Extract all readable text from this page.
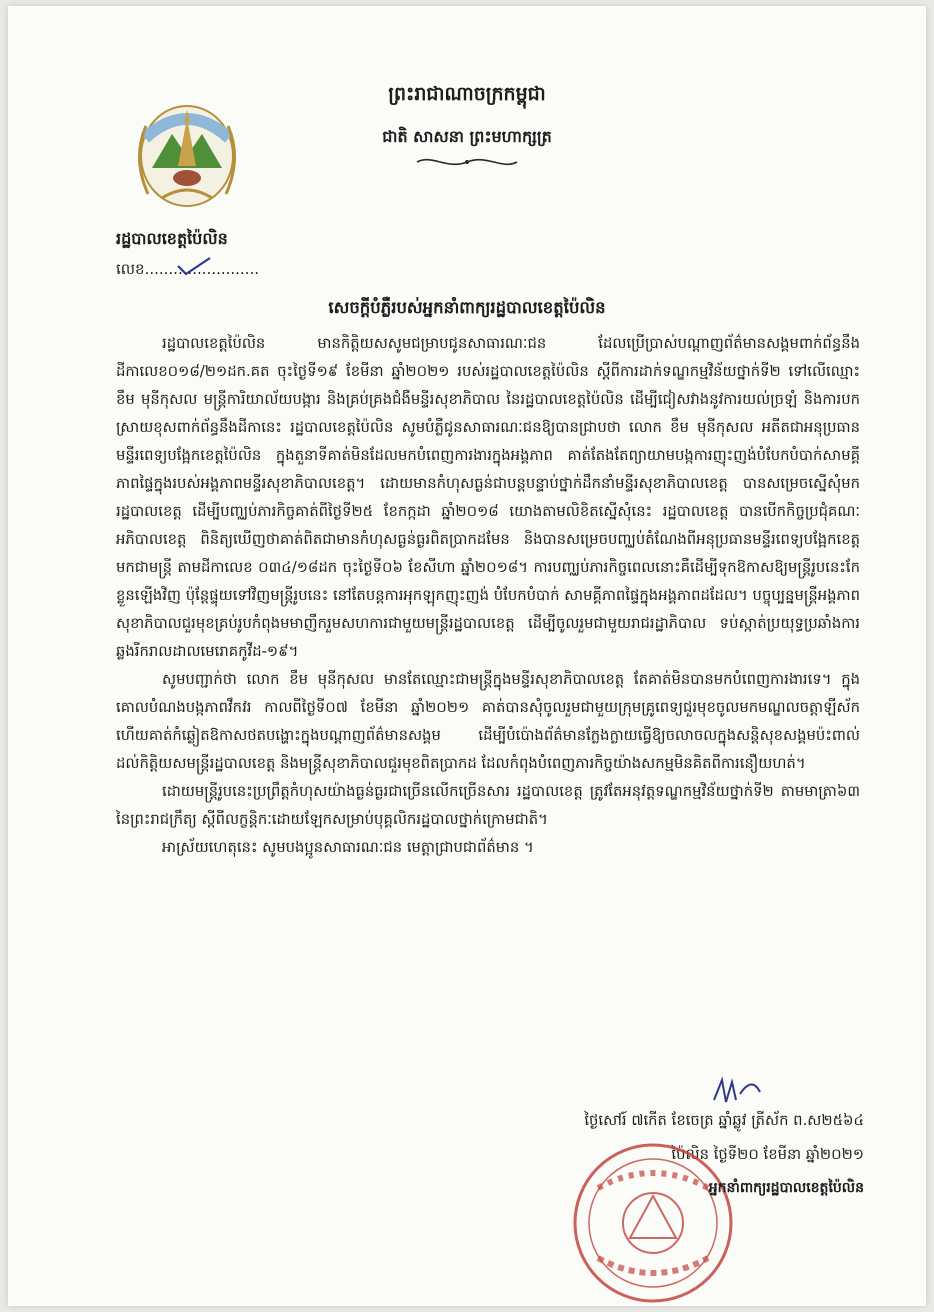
ព្រះរាជាណាចក្រកម្ពុជា
ជាតិ សាសនា ព្រះមហាក្សត្រ
រដ្ឋបាលខេត្តប៉ៃលិន
លេខ........................
សេចក្តីបំភ្លឺរបស់អ្នកនាំពាក្យរដ្ឋបាលខេត្តប៉ៃលិន

រដ្ឋបាលខេត្តប៉ៃលិន មានកិត្តិយសសូមជម្រាបជូនសាធារណៈជន ដែលប្រើប្រាស់បណ្តាញព័ត៌មានសង្គមពាក់ព័ន្ធនឹងដីកាលេខ០១៨/២១ដក.គត ចុះថ្ងៃទី១៩ ខែមីនា ឆ្នាំ២០២១ របស់រដ្ឋបាលខេត្តប៉ៃលិន ស្តីពីការដាក់ទណ្ឌកម្មវិន័យថ្នាក់ទី២ ទៅលើឈ្មោះ ខឹម មុនីកុសល មន្ត្រីការិយាល័យបង្ការ និងគ្រប់គ្រងជំងឺមន្ទីរសុខាភិបាល នៃរដ្ឋបាលខេត្តប៉ៃលិន ដើម្បីជៀសវាងនូវការយល់ច្រឡំ និងការបកស្រាយខុសពាក់ព័ន្ធនឹងដីកានេះ រដ្ឋបាលខេត្តប៉ៃលិន សូមបំភ្លឺជូនសាធារណៈជនឱ្យបានជ្រាបថា លោក ខឹម មុនីកុសល អតីតជាអនុប្រធានមន្ទីរពេទ្យបង្អែកខេត្តប៉ៃលិន ក្នុងតួនាទីគាត់មិនដែលមកបំពេញការងារក្នុងអង្គភាព គាត់តែងតែព្យាយាមបង្កការញុះញង់បំបែកបំបាក់សាមគ្គីភាពផ្ទៃក្នុងរបស់អង្គភាពមន្ទីរសុខាភិបាលខេត្ត។ ដោយមានកំហុសធ្ងន់ជាបន្តបន្ទាប់ថ្នាក់ដឹកនាំមន្ទីរសុខាភិបាលខេត្ត បានសម្រេចស្នើសុំមករដ្ឋបាលខេត្ត ដើម្បីបញ្ឈប់ភារកិច្ចគាត់ពីថ្ងៃទី២៥ ខែកក្កដា ឆ្នាំ២០១៨ យោងតាមលិខិតស្នើសុំនេះ រដ្ឋបាលខេត្ត បានបើកកិច្ចប្រជុំគណៈអភិបាលខេត្ត ពិនិត្យឃើញថាគាត់ពិតជាមានកំហុសធ្ងន់ធ្ងរពិតប្រាកដមែន និងបានសម្រេចបញ្ឈប់តំណែងពីអនុប្រធានមន្ទីរពេទ្យបង្អែកខេត្ត មកជាមន្ត្រី តាមដីកាលេខ ០៣៤/១៨ដក ចុះថ្ងៃទី០៦ ខែសីហា ឆ្នាំ២០១៨។ ការបញ្ឈប់ភារកិច្ចពេលនោះគឺដើម្បីទុកឱកាសឱ្យមន្ត្រីរូបនេះកែខ្លួនឡើងវិញ ប៉ុន្តែផ្ទុយទៅវិញមន្ត្រីរូបនេះ នៅតែបន្តការអុកឡុកញុះញង់ បំបែកបំបាក់ សាមគ្គីភាពផ្ទៃក្នុងអង្គភាពដដែល។ បច្ចុប្បន្នមន្ត្រីអង្គភាពសុខាភិបាលជួរមុខគ្រប់រូបកំពុងមមាញឹករួមសហការជាមួយមន្ត្រីរដ្ឋបាលខេត្ត ដើម្បីចូលរួមជាមួយរាជរដ្ឋាភិបាល ទប់ស្កាត់ប្រយុទ្ធប្រឆាំងការឆ្លងរីករាលដាលមេរោគកូវីដ-១៩។

សូមបញ្ជាក់ថា លោក ខឹម មុនីកុសល មានតែឈ្មោះជាមន្ត្រីក្នុងមន្ទីរសុខាភិបាលខេត្ត តែគាត់មិនបានមកបំពេញការងារទេ។ ក្នុងគោលបំណងបង្កភាពវឹកវរ កាលពីថ្ងៃទី០៧ ខែមីនា ឆ្នាំ២០២១ គាត់បានសុំចូលរួមជាមួយក្រុមគ្រូពេទ្យជួរមុខចូលមកមណ្ឌលចត្តាឡីស័ក ហើយគាត់កំឆ្លៀតឱកាសថតបង្ហោះក្នុងបណ្តាញព័ត៌មានសង្គម ដើម្បីបំប៉ោងព័ត៌មានក្លែងក្លាយធ្វើឱ្យចលាចលក្នុងសន្តិសុខសង្គមប៉ះពាល់ដល់កិត្តិយសមន្ត្រីរដ្ឋបាលខេត្ត និងមន្ត្រីសុខាភិបាលជួរមុខពិតប្រាកដ ដែលកំពុងបំពេញភារកិច្ចយ៉ាងសកម្មមិនគិតពីការនឿយហត់។

ដោយមន្ត្រីរូបនេះប្រព្រឹត្តកំហុសយ៉ាងធ្ងន់ធ្ងរជាច្រើនលើកច្រើនសារ រដ្ឋបាលខេត្ត ត្រូវតែអនុវត្តទណ្ឌកម្មវិន័យថ្នាក់ទី២ តាមមាត្រា៦៣ នៃព្រះរាជក្រឹត្យ ស្តីពីលក្ខន្តិកៈដោយឡែកសម្រាប់បុគ្គលិករដ្ឋបាលថ្នាក់ក្រោមជាតិ។

អាស្រ័យហេតុនេះ សូមបងប្អូនសាធារណៈជន មេត្តាជ្រាបជាព័ត៌មាន ។

ថ្ងៃសៅរ៍ ៧កើត ខែចេត្រ ឆ្នាំឆ្លូវ ត្រីស័ក ព.ស២៥៦៤
ប៉ៃលិន ថ្ងៃទី២០ ខែមីនា ឆ្នាំ២០២១
អ្នកនាំពាក្យរដ្ឋបាលខេត្តប៉ៃលិន
